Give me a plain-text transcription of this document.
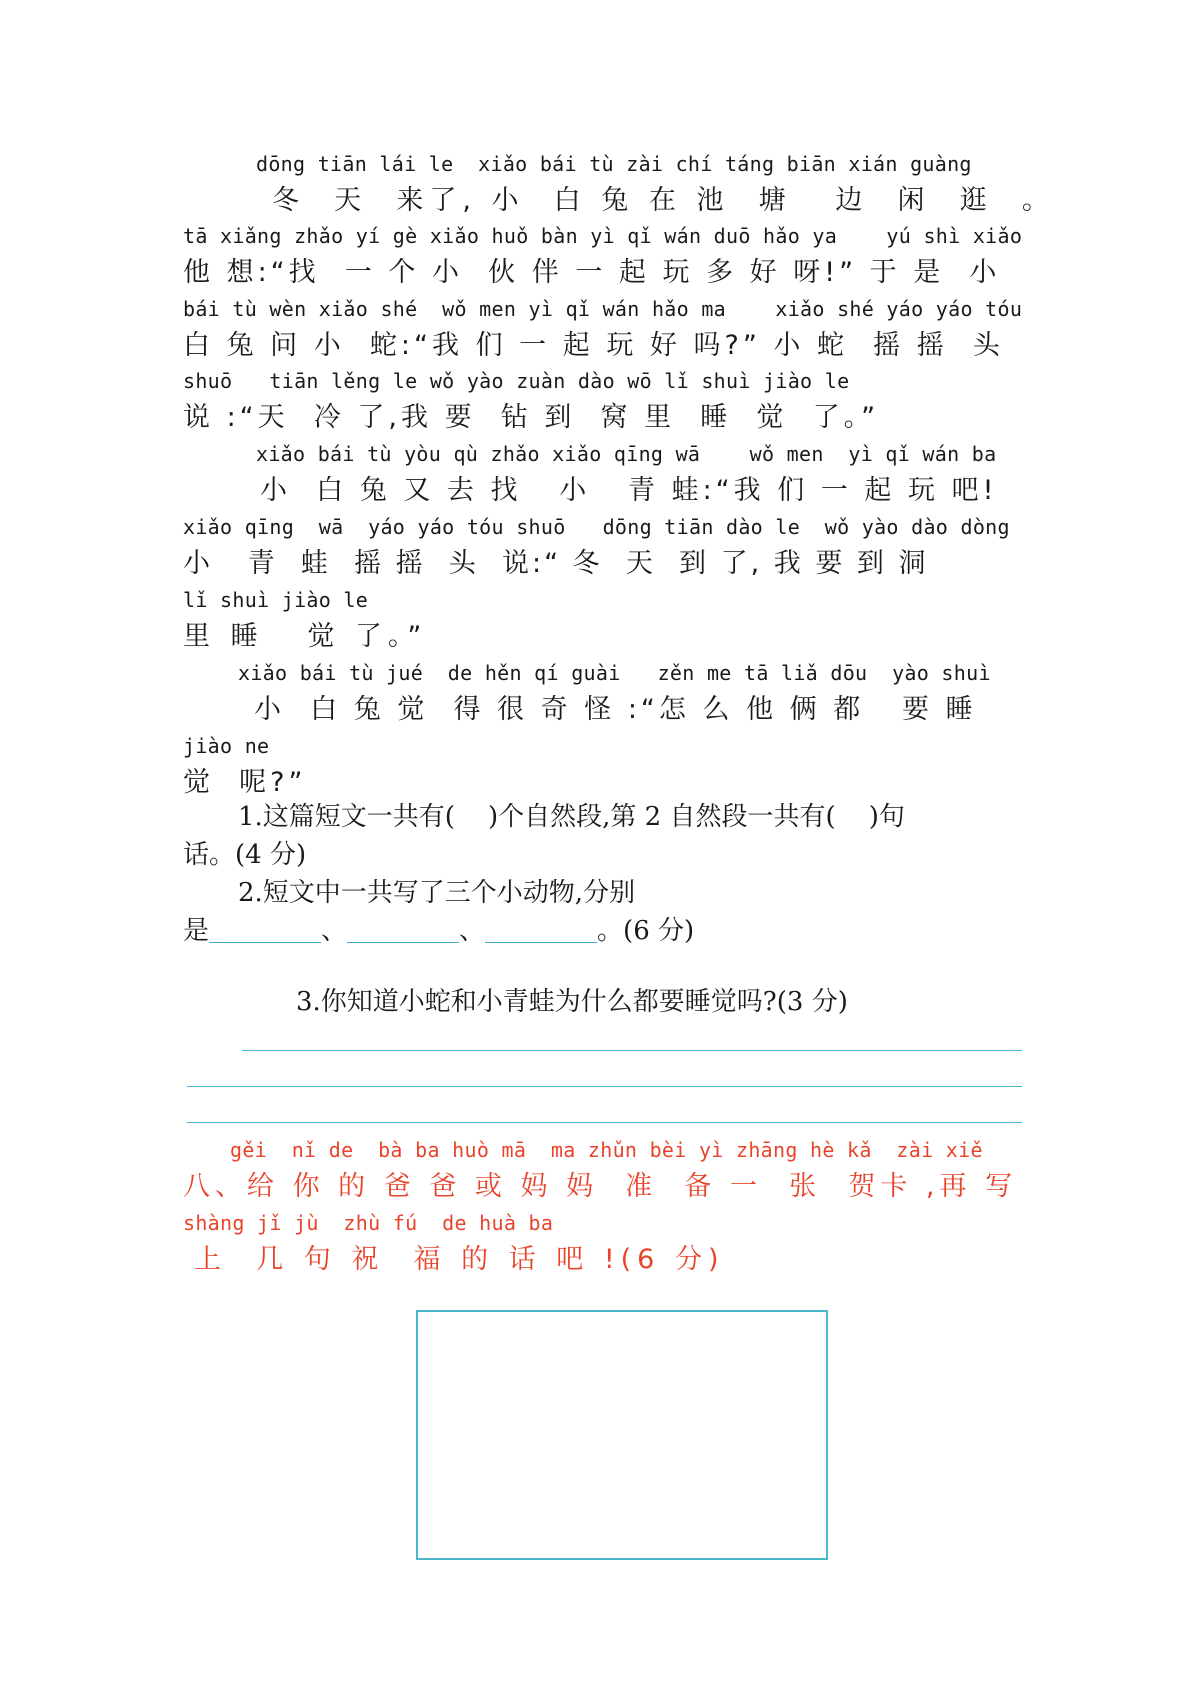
dōng tiān lái le  xiǎo bái tù zài chí táng biān xián guàng
冬  天  来了, 小  白 兔 在 池  塘   边  闲  逛  。
tā xiǎng zhǎo yí gè xiǎo huǒ bàn yì qǐ wán duō hǎo ya    yú shì xiǎo
他 想:“找  一 个 小  伙 伴 一 起 玩 多 好 呀!” 于 是  小
bái tù wèn xiǎo shé  wǒ men yì qǐ wán hǎo ma    xiǎo shé yáo yáo tóu
白 兔 问 小  蛇:“我 们 一 起 玩 好 吗?” 小 蛇  摇 摇  头
shuō   tiān lěng le wǒ yào zuàn dào wō lǐ shuì jiào le
说 :“天  冷 了,我 要  钻 到  窝 里  睡  觉  了。”
xiǎo bái tù yòu qù zhǎo xiǎo qīng wā    wǒ men  yì qǐ wán ba
小  白 兔 又 去 找   小   青 蛙:“我 们 一 起 玩 吧!
xiǎo qīng  wā  yáo yáo tóu shuō   dōng tiān dào le  wǒ yào dào dòng
小   青  蛙  摇 摇  头  说:“ 冬  天  到 了, 我 要 到 洞
lǐ shuì jiào le
里 睡   觉 了。”
xiǎo bái tù jué  de hěn qí guài   zěn me tā liǎ dōu  yào shuì
小  白 兔 觉  得 很 奇 怪 :“怎 么 他 俩 都   要 睡
jiào ne
觉  呢?”
1.这篇短文一共有(    )个自然段,第 2 自然段一共有(    )句
话。(4 分)
2.短文中一共写了三个小动物,分别
是	、	、	。(6 分)
3.你知道小蛇和小青蛙为什么都要睡觉吗?(3 分)
gěi  nǐ de  bà ba huò mā  ma zhǔn bèi yì zhāng hè kǎ  zài xiě
八、给 你 的 爸 爸 或 妈 妈  准  备 一  张  贺卡 ,再 写
shàng jǐ jù  zhù fú  de huà ba
上  几 句 祝  福 的 话 吧 !(6 分)
